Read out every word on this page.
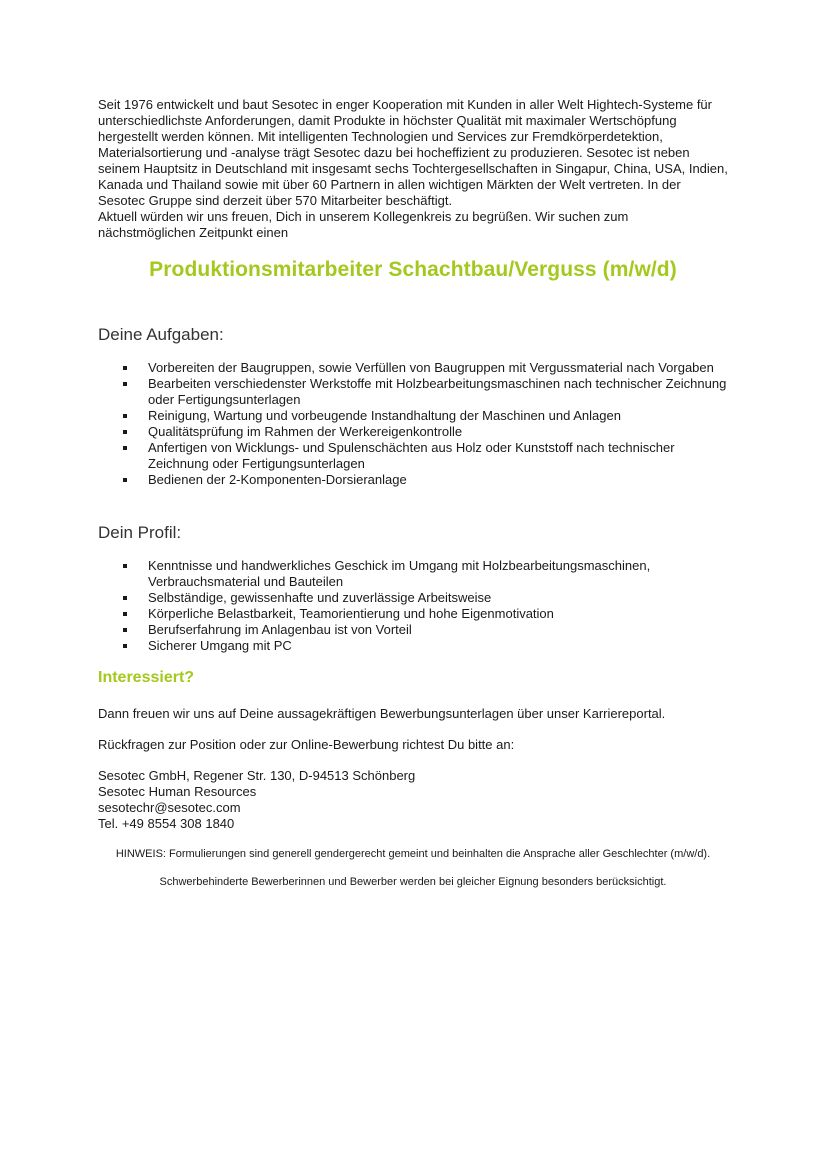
Seit 1976 entwickelt und baut Sesotec in enger Kooperation mit Kunden in aller Welt Hightech-Systeme für unterschiedlichste Anforderungen, damit Produkte in höchster Qualität mit maximaler Wertschöpfung hergestellt werden können. Mit intelligenten Technologien und Services zur Fremdkörperdetektion, Materialsortierung und -analyse trägt Sesotec dazu bei hocheffizient zu produzieren. Sesotec ist neben seinem Hauptsitz in Deutschland mit insgesamt sechs Tochtergesellschaften in Singapur, China, USA, Indien, Kanada und Thailand sowie mit über 60 Partnern in allen wichtigen Märkten der Welt vertreten. In der Sesotec Gruppe sind derzeit über 570 Mitarbeiter beschäftigt.

Aktuell würden wir uns freuen, Dich in unserem Kollegenkreis zu begrüßen. Wir suchen zum nächstmöglichen Zeitpunkt einen

Produktionsmitarbeiter Schachtbau/Verguss (m/w/d)
Deine Aufgaben:
Vorbereiten der Baugruppen, sowie Verfüllen von Baugruppen mit Vergussmaterial nach Vorgaben
Bearbeiten verschiedenster Werkstoffe mit Holzbearbeitungsmaschinen nach technischer Zeichnung oder Fertigungsunterlagen
Reinigung, Wartung und vorbeugende Instandhaltung der Maschinen und Anlagen
Qualitätsprüfung im Rahmen der Werkereigenkontrolle
Anfertigen von Wicklungs- und Spulenschächten aus Holz oder Kunststoff nach technischer Zeichnung oder Fertigungsunterlagen
Bedienen der 2-Komponenten-Dorsieranlage
Dein Profil:
Kenntnisse und handwerkliches Geschick im Umgang mit Holzbearbeitungsmaschinen, Verbrauchsmaterial und Bauteilen
Selbständige, gewissenhafte und zuverlässige Arbeitsweise
Körperliche Belastbarkeit, Teamorientierung und hohe Eigenmotivation
Berufserfahrung im Anlagenbau ist von Vorteil
Sicherer Umgang mit PC
Interessiert?

Dann freuen wir uns auf Deine aussagekräftigen Bewerbungsunterlagen über unser Karriereportal.

Rückfragen zur Position oder zur Online-Bewerbung richtest Du bitte an:

Sesotec GmbH, Regener Str. 130, D-94513 Schönberg
Sesotec Human Resources
sesotechr@sesotec.com
Tel. +49 8554 308 1840

HINWEIS: Formulierungen sind generell gendergerecht gemeint und beinhalten die Ansprache aller Geschlechter (m/w/d).

Schwerbehinderte Bewerberinnen und Bewerber werden bei gleicher Eignung besonders berücksichtigt.
